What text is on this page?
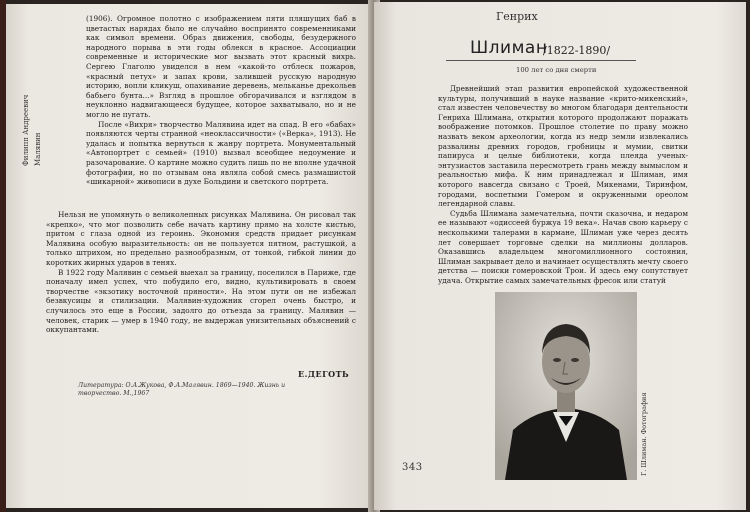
Филипп Андреевич Малявин

(1906). Огромное полотно с изображением пяти пляшущих баб в цветастых нарядах было не случайно воспринято современниками как символ времени. Образ движения, свободы, безудержного народного порыва в эти годы облекся в красное. Ассоциации современные и исторические мог вызвать этот красный вихрь. Сергею Глаголю увиделся в нем «какой-то отблеск пожаров, «красный петух» и запах крови, залившей русскую народную историю, вопли кликуш, опахивание деревень, мельканье дрекольев бабьего бунта...» Взгляд в прошлое обгорачивался и взглядом в неуклонно надвигающееся будущее, которое захватывало, но и не могло не пугать.

После «Вихря» творчество Малявина идет на спад. В его «бабах» появляются черты странной «неоклассичности» («Верка», 1913). Не удалась и попытка вернуться к жанру портрета. Монументальный «Автопортрет с семьей» (1910) вызвал всеобщее недоумение и разочарование. О картине можно судить лишь по не вполне удачной фотографии, но по отзывам она являла собой смесь размашистой «шикарной» живописи в духе Больдини и светского портрета.

Нельзя не упомянуть о великолепных рисунках Малявина. Он рисовал так «крепко», что мог позволить себе начать картину прямо на холсте кистью, притом с глаза одной из героинь. Экономия средств придает рисункам Малявина особую выразительность: он не пользуется пятном, растушкой, а только штрихом, но предельно разнообразным, от тонкой, гибкой линии до коротких жирных ударов в тенях.

В 1922 году Малявин с семьей выехал за границу, поселился в Париже, где поначалу имел успех, что побудило его, видно, культивировать в своем творчестве «экзотику восточной пряности». На этом пути он не избежал безвкусицы и стилизации. Малявин-художник сгорел очень быстро, и случилось это еще в России, задолго до отъезда за границу. Малявин — человек, старик — умер в 1940 году, не выдержав унизительных объяснений с оккупантами.

Е.ДЕГОТЬ
Литература: О.А.Жукова, Ф.А.Малявин. 1869—1940. Жизнь и творчество. М.,1967
343
Генрих
Шлиман
/1822-1890/
100 лет со дня смерти

Древнейший этап развития европейской художественной культуры, получивший в науке название «крито-микенский», стал известен человечеству во многом благодаря деятельности Генриха Шлимана, открытия которого продолжают поражать воображение потомков. Прошлое столетие по праву можно назвать веком археологии, когда из недр земли извлекались развалины древних городов, гробницы и мумии, свитки папируса и целые библиотеки, когда плеяда ученых-энтузиастов заставила пересмотреть грань между вымыслом и реальностью мифа. К ним принадлежал и Шлиман, имя которого навсегда связано с Троей, Микенами, Тиринфом, городами, воспетыми Гомером и окруженными ореолом легендарной славы.

Судьба Шлимана замечательна, почти сказочна, и недаром ее называют «одиссеей буржуа 19 века». Начав свою карьеру с несколькими талерами в кармане, Шлиман уже через десять лет совершает торговые сделки на миллионы долларов. Оказавшись владельцем многомиллионного состояния, Шлиман закрывает дело и начинает осуществлять мечту своего детства — поиски гомеровской Трои. И здесь ему сопутствует удача. Открытие самых замечательных фресок или статуй

Г. Шлиман. Фотография
